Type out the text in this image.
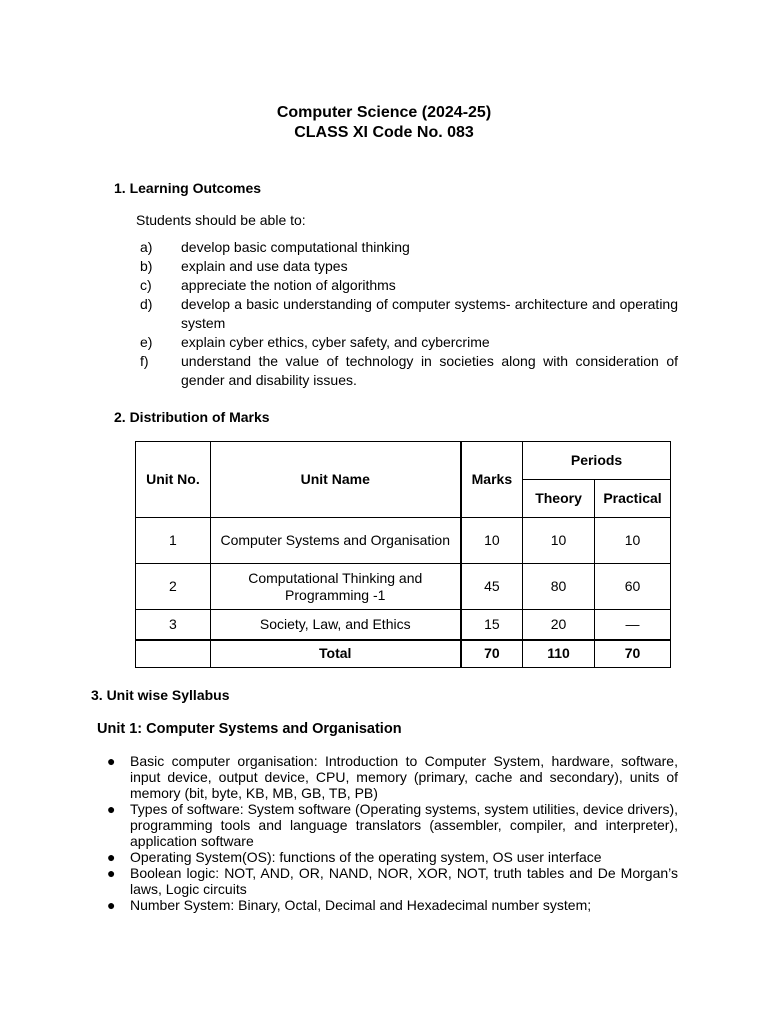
Computer Science (2024-25)
CLASS XI Code No. 083
1. Learning Outcomes
Students should be able to:
a) develop basic computational thinking
b) explain and use data types
c) appreciate the notion of algorithms
d) develop a basic understanding of computer systems- architecture and operating system
e) explain cyber ethics, cyber safety, and cybercrime
f) understand the value of technology in societies along with consideration of gender and disability issues.
2. Distribution of Marks
Unit No.	Unit Name	Marks	Periods	
			Theory	Practical
1	Computer Systems and Organisation	10	10	10
2	Computational Thinking and Programming -1	45	80	60
3	Society, Law, and Ethics	15	20	—
	Total	70	110	70
3. Unit wise Syllabus
Unit 1: Computer Systems and Organisation
● Basic computer organisation: Introduction to Computer System, hardware, software, input device, output device, CPU, memory (primary, cache and secondary), units of memory (bit, byte, KB, MB, GB, TB, PB)
● Types of software: System software (Operating systems, system utilities, device drivers), programming tools and language translators (assembler, compiler, and interpreter), application software
● Operating System(OS): functions of the operating system, OS user interface
● Boolean logic: NOT, AND, OR, NAND, NOR, XOR, NOT, truth tables and De Morgan’s laws, Logic circuits
● Number System: Binary, Octal, Decimal and Hexadecimal number system;
